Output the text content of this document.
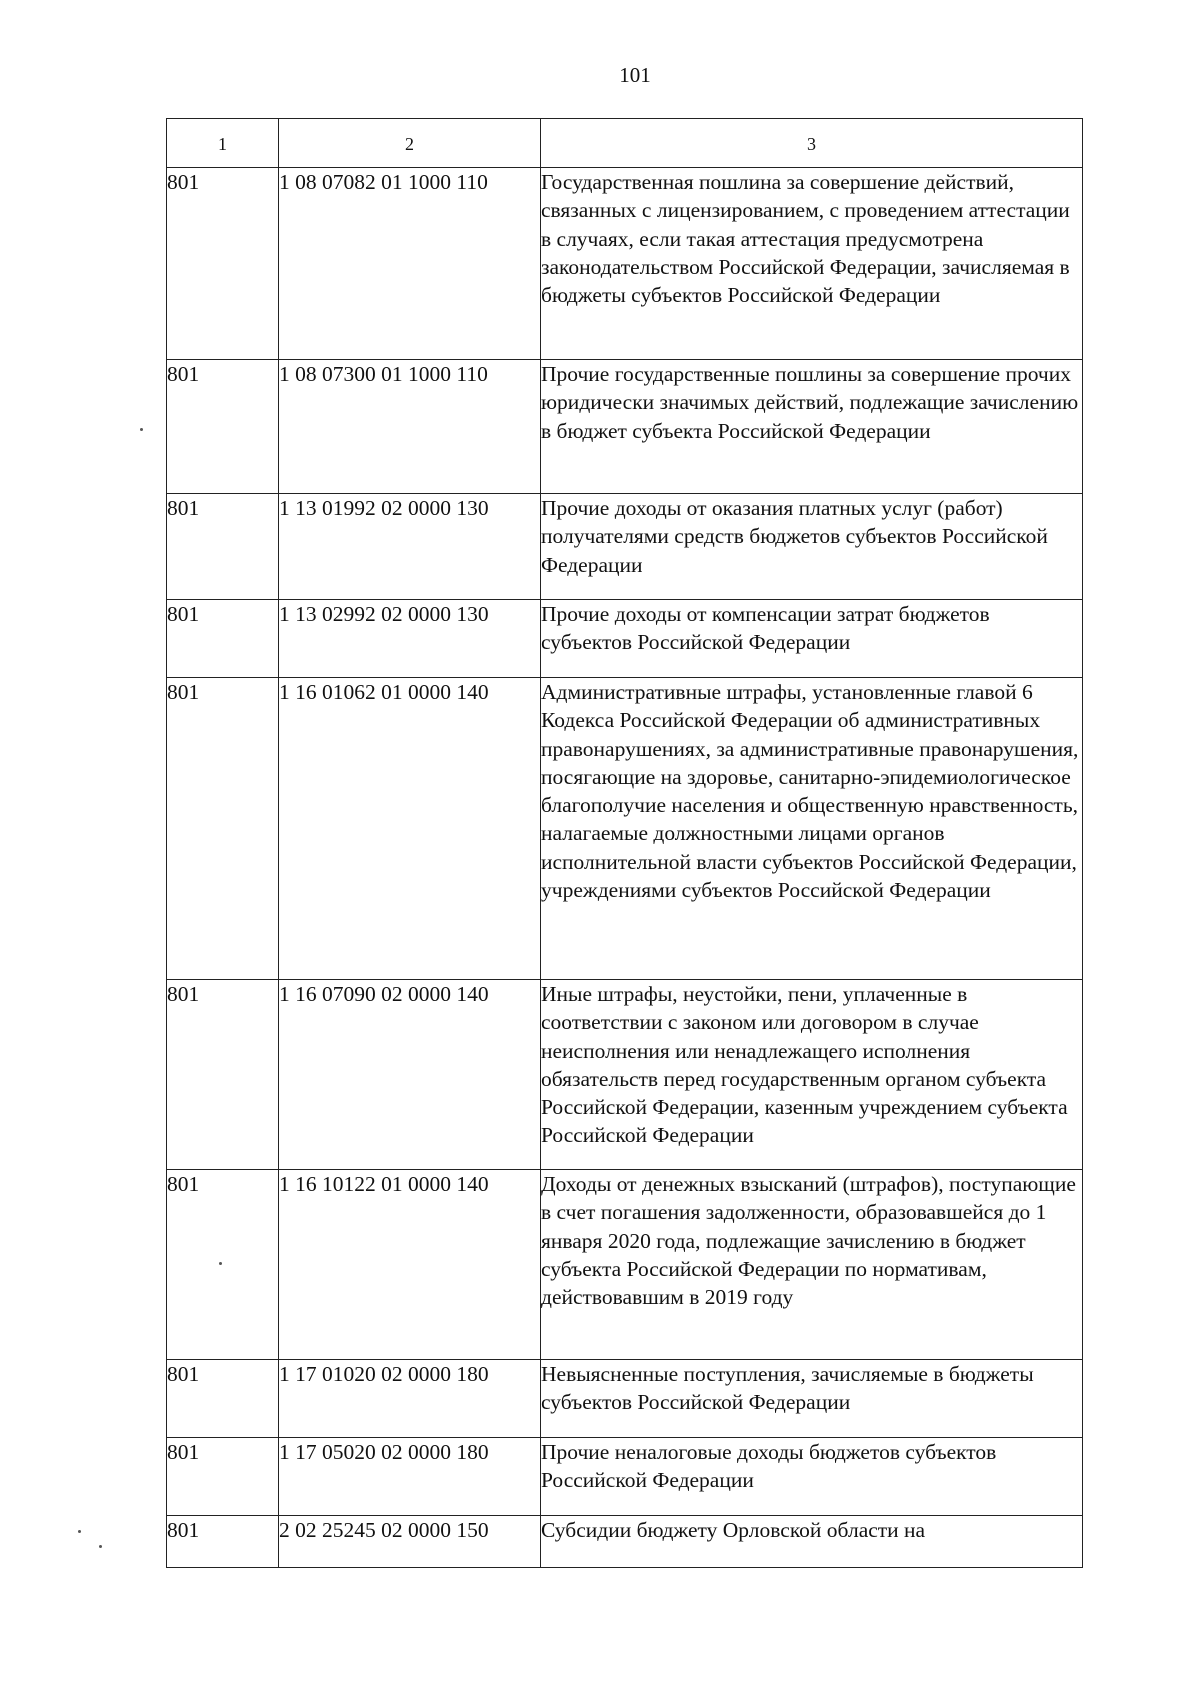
101
1	2	3
801	1 08 07082 01 1000 110	Государственная пошлина за совершение действий, связанных с лицензированием, с проведением аттестации в случаях, если такая аттестация предусмотрена законодательством Российской Федерации, зачисляемая в бюджеты субъектов Российской Федерации
801	1 08 07300 01 1000 110	Прочие государственные пошлины за совершение прочих юридически значимых действий, подлежащие зачислению в бюджет субъекта Российской Федерации
801	1 13 01992 02 0000 130	Прочие доходы от оказания платных услуг (работ) получателями средств бюджетов субъектов Российской Федерации
801	1 13 02992 02 0000 130	Прочие доходы от компенсации затрат бюджетов субъектов Российской Федерации
801	1 16 01062 01 0000 140	Административные штрафы, установленные главой 6 Кодекса Российской Федерации об административных правонарушениях, за административные правонарушения, посягающие на здоровье, санитарно-эпидемиологическое благополучие населения и общественную нравственность, налагаемые должностными лицами органов исполнительной власти субъектов Российской Федерации, учреждениями субъектов Российской Федерации
801	1 16 07090 02 0000 140	Иные штрафы, неустойки, пени, уплаченные в соответствии с законом или договором в случае неисполнения или ненадлежащего исполнения обязательств перед государственным органом субъекта Российской Федерации, казенным учреждением субъекта Российской Федерации
801	1 16 10122 01 0000 140	Доходы от денежных взысканий (штрафов), поступающие в счет погашения задолженности, образовавшейся до 1 января 2020 года, подлежащие зачислению в бюджет субъекта Российской Федерации по нормативам, действовавшим в 2019 году
801	1 17 01020 02 0000 180	Невыясненные поступления, зачисляемые в бюджеты субъектов Российской Федерации
801	1 17 05020 02 0000 180	Прочие неналоговые доходы бюджетов субъектов Российской Федерации
801	2 02 25245 02 0000 150	Субсидии бюджету Орловской области на
